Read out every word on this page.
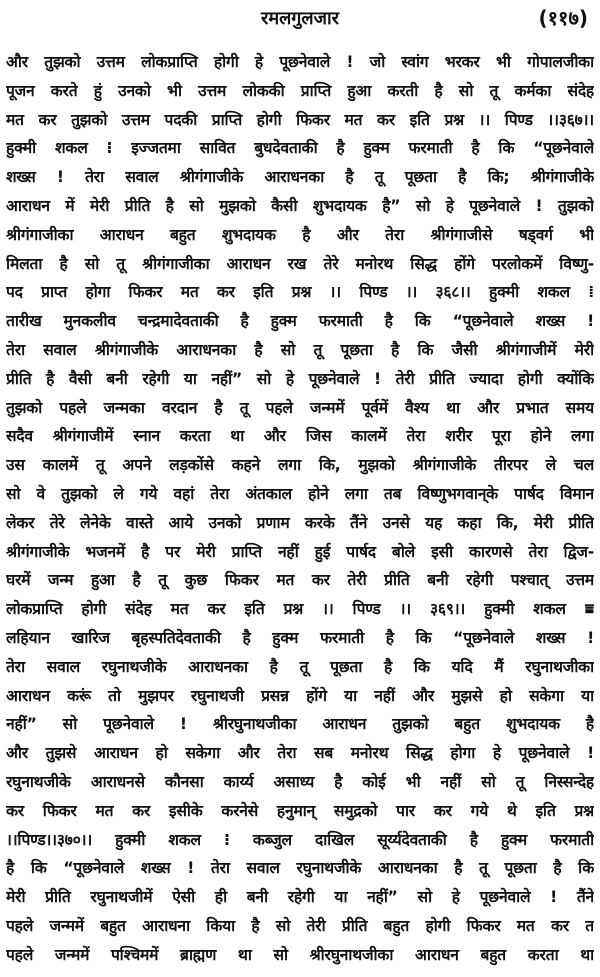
रमलगुलजार	(११७)
और तुझको उत्तम लोकप्राप्ति होगी हे पूछनेवाले ! जो स्वांग भरकर भी गोपालजीका
पूजन करते हुं उनको भी उत्तम लोककी प्राप्ति हुआ करती है सो तू कर्मका संदेह
मत कर तुझको उत्तम पदकी प्राप्ति होगी फिकर मत कर इति प्रश्न ।। पिण्ड ।।३६७।।
हुक्मी शकल ⁝ इज्जतमा सावित बुधदेवताकी है हुक्म फरमाती है कि “पूछनेवाले
शख्स ! तेरा सवाल श्रीगंगाजीके आराधनका है तू पूछता है कि; श्रीगंगाजीके
आराधन में मेरी प्रीति है सो मुझको कैसी शुभदायक है” सो हे पूछनेवाले ! तुझको
श्रीगंगाजीका आराधन बहुत शुभदायक है और तेरा श्रीगंगाजीसे षड्वर्ग भी
मिलता है सो तू श्रीगंगाजीका आराधन रख तेरे मनोरथ सिद्ध होंगे परलोकमें विष्णु-
पद प्राप्त होगा फिकर मत कर इति प्रश्न ।। पिण्ड ।। ३६८।। हुक्मी शकल ⁞
तारीख मुनकलीव चन्द्रमादेवताकी है हुक्म फरमाती है कि “पूछनेवाले शख्स !
तेरा सवाल श्रीगंगाजीके आराधनका है सो तू पूछता है कि जैसी श्रीगंगाजीमें मेरी
प्रीति है वैसी बनी रहेगी या नहीं” सो हे पूछनेवाले ! तेरी प्रीति ज्यादा होगी क्योंकि
तुझको पहले जन्मका वरदान है तू पहले जन्ममें पूर्वमें वैश्य था और प्रभात समय
सदैव श्रीगंगाजीमें स्नान करता था और जिस कालमें तेरा शरीर पूरा होने लगा
उस कालमें तू अपने लड़कोंसे कहने लगा कि, मुझको श्रीगंगाजीके तीरपर ले चल
सो वे तुझको ले गये वहां तेरा अंतकाल होने लगा तब विष्णुभगवान्‌के पार्षद विमान
लेकर तेरे लेनेके वास्ते आये उनको प्रणाम करके तैंने उनसे यह कहा कि, मेरी प्रीति
श्रीगंगाजीके भजनमें है पर मेरी प्राप्ति नहीं हुई पार्षद बोले इसी कारणसे तेरा द्विज-
घरमें जन्म हुआ है तू कुछ फिकर मत कर तेरी प्रीति बनी रहेगी पश्चात् उत्तम
लोकप्राप्ति होगी संदेह मत कर इति प्रश्न ।। पिण्ड ।। ३६९।। हुक्मी शकल ⩸
लहियान खारिज बृहस्पतिदेवताकी है हुक्म फरमाती है कि “पूछनेवाले शख्स !
तेरा सवाल रघुनाथजीके आराधनका है तू पूछता है कि यदि मैं रघुनाथजीका
आराधन करूं तो मुझपर रघुनाथजी प्रसन्न होंगे या नहीं और मुझसे हो सकेगा या
नहीं” सो पूछनेवाले ! श्रीरघुनाथजीका आराधन तुझको बहुत शुभदायक है
और तुझसे आराधन हो सकेगा और तेरा सब मनोरथ सिद्ध होगा हे पूछनेवाले !
रघुनाथजीके आराधनसे कौनसा कार्य्य असाध्य है कोई भी नहीं सो तू निस्सन्देह
कर फिकर मत कर इसीके करनेसे हनुमान् समुद्रको पार कर गये थे इति प्रश्न
।।पिण्ड।।३७०।। हुक्मी शकल ⁝ कब्जुल दाखिल सूर्य्यदेवताकी है हुक्म फरमाती
है कि “पूछनेवाले शख्स ! तेरा सवाल रघुनाथजीके आराधनका है तू पूछता है कि
मेरी प्रीति रघुनाथजीमें ऐसी ही बनी रहेगी या नहीं” सो हे पूछनेवाले ! तैंने
पहले जन्ममें बहुत आराधना किया है सो तेरी प्रीति बहुत होगी फिकर मत कर त
पहले जन्ममें पश्चिममें ब्राह्मण था सो श्रीरघुनाथजीका आराधन बहुत करता था
